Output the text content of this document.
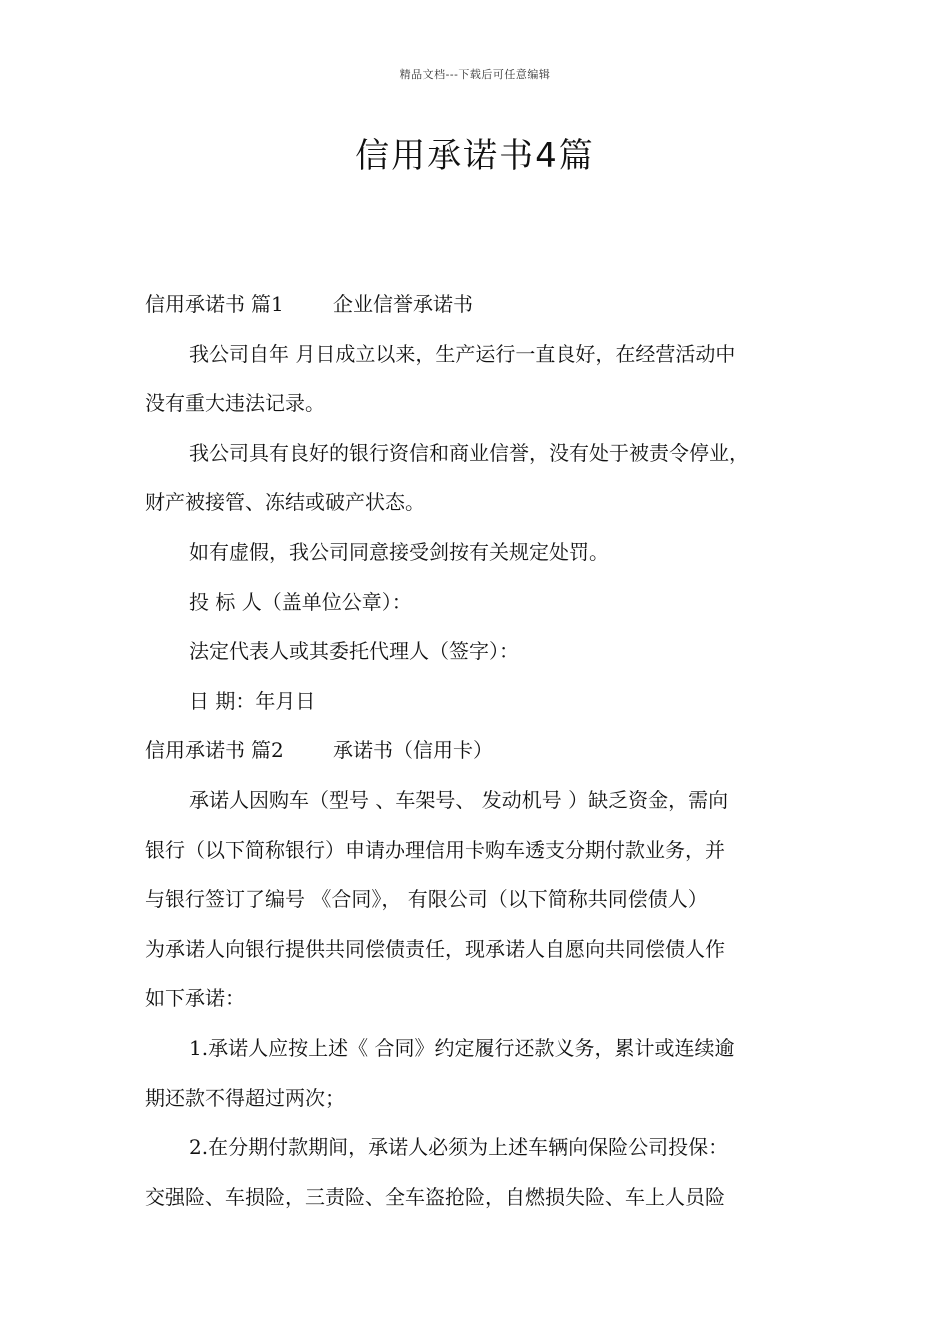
精品文档---下载后可任意编辑
信用承诺书4篇

信用承诺书 篇1 企业信誉承诺书

我公司自年 月日成立以来，生产运行一直良好，在经营活动中

没有重大违法记录。

我公司具有良好的银行资信和商业信誉，没有处于被责令停业，

财产被接管、冻结或破产状态。

如有虚假，我公司同意接受剑按有关规定处罚。

投 标 人（盖单位公章）：

法定代表人或其委托代理人（签字）：

日 期：年月日

信用承诺书 篇2 承诺书（信用卡）

承诺人因购车（型号 、车架号、 发动机号 ）缺乏资金，需向

银行（以下简称银行）申请办理信用卡购车透支分期付款业务，并

与银行签订了编号 《合同》， 有限公司（以下简称共同偿债人）

为承诺人向银行提供共同偿债责任，现承诺人自愿向共同偿债人作

如下承诺：

1.承诺人应按上述《 合同》约定履行还款义务，累计或连续逾

期还款不得超过两次；

2.在分期付款期间，承诺人必须为上述车辆向保险公司投保：

交强险、车损险，三责险、全车盗抢险，自燃损失险、车上人员险
